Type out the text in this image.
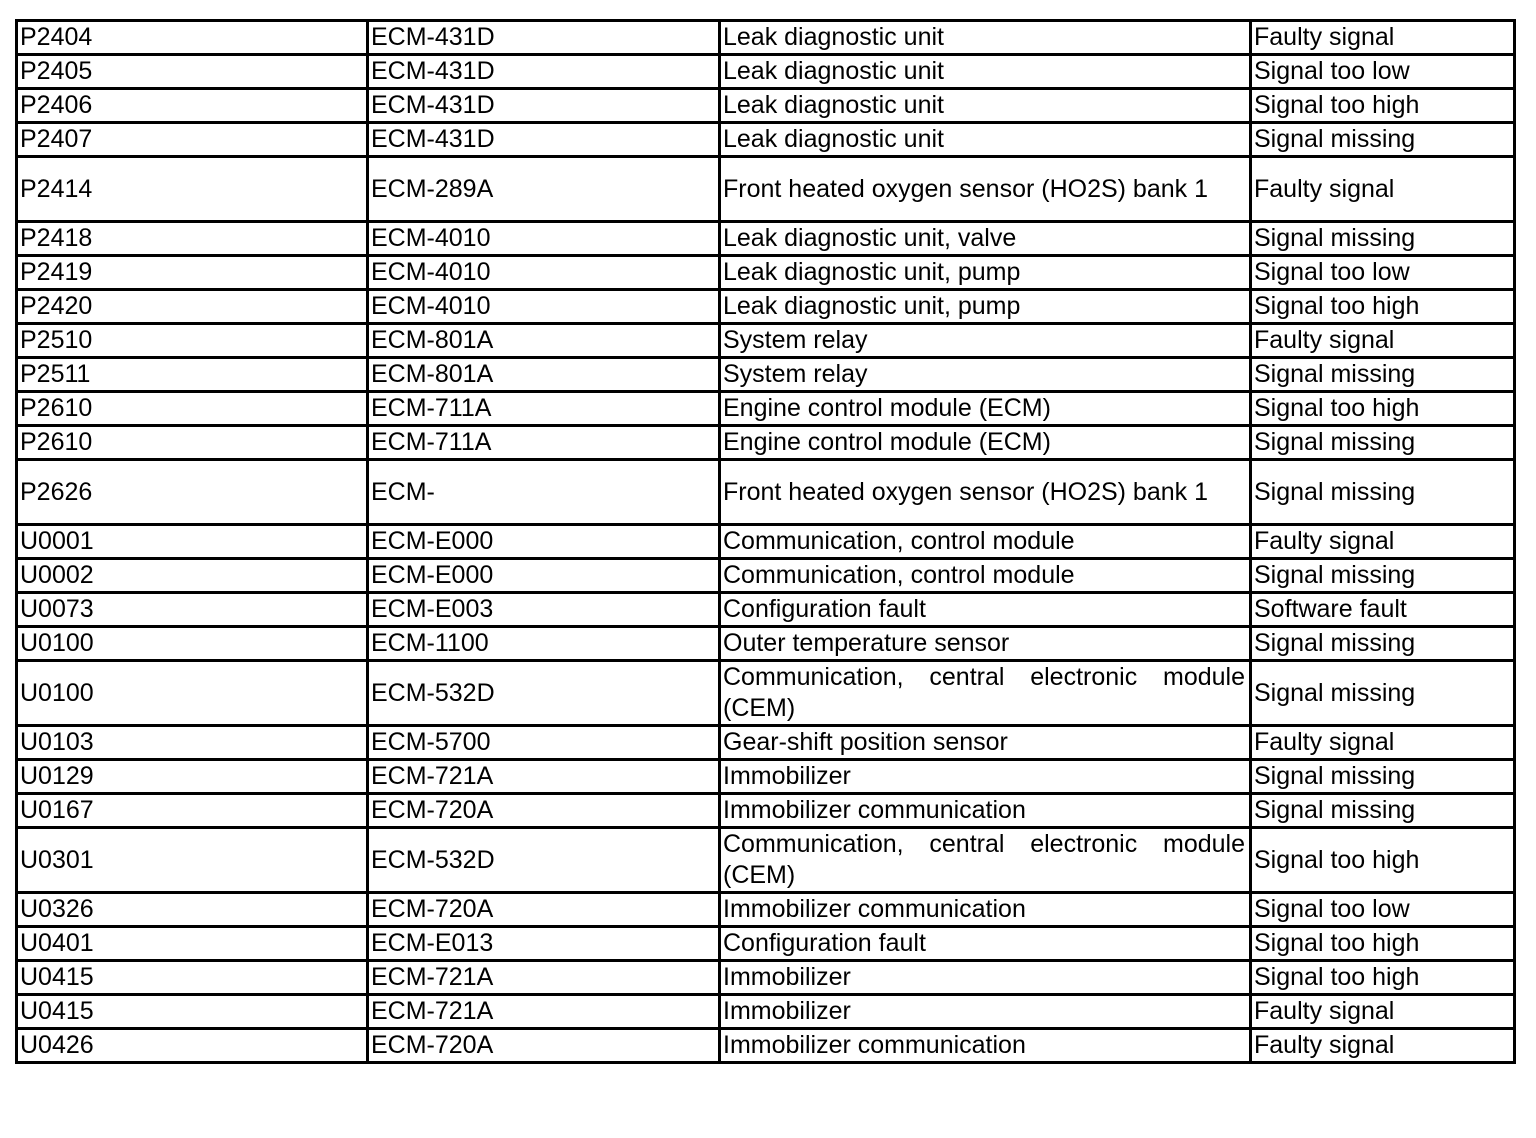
P2404	ECM-431D	Leak diagnostic unit	Faulty signal
P2405	ECM-431D	Leak diagnostic unit	Signal too low
P2406	ECM-431D	Leak diagnostic unit	Signal too high
P2407	ECM-431D	Leak diagnostic unit	Signal missing
P2414	ECM-289A	Front heated oxygen sensor (HO2S) bank 1	Faulty signal
P2418	ECM-4010	Leak diagnostic unit, valve	Signal missing
P2419	ECM-4010	Leak diagnostic unit, pump	Signal too low
P2420	ECM-4010	Leak diagnostic unit, pump	Signal too high
P2510	ECM-801A	System relay	Faulty signal
P2511	ECM-801A	System relay	Signal missing
P2610	ECM-711A	Engine control module (ECM)	Signal too high
P2610	ECM-711A	Engine control module (ECM)	Signal missing
P2626	ECM-	Front heated oxygen sensor (HO2S) bank 1	Signal missing
U0001	ECM-E000	Communication, control module	Faulty signal
U0002	ECM-E000	Communication, control module	Signal missing
U0073	ECM-E003	Configuration fault	Software fault
U0100	ECM-1100	Outer temperature sensor	Signal missing
U0100	ECM-532D	Communication, central electronic module (CEM)	Signal missing
U0103	ECM-5700	Gear-shift position sensor	Faulty signal
U0129	ECM-721A	Immobilizer	Signal missing
U0167	ECM-720A	Immobilizer communication	Signal missing
U0301	ECM-532D	Communication, central electronic module (CEM)	Signal too high
U0326	ECM-720A	Immobilizer communication	Signal too low
U0401	ECM-E013	Configuration fault	Signal too high
U0415	ECM-721A	Immobilizer	Signal too high
U0415	ECM-721A	Immobilizer	Faulty signal
U0426	ECM-720A	Immobilizer communication	Faulty signal
